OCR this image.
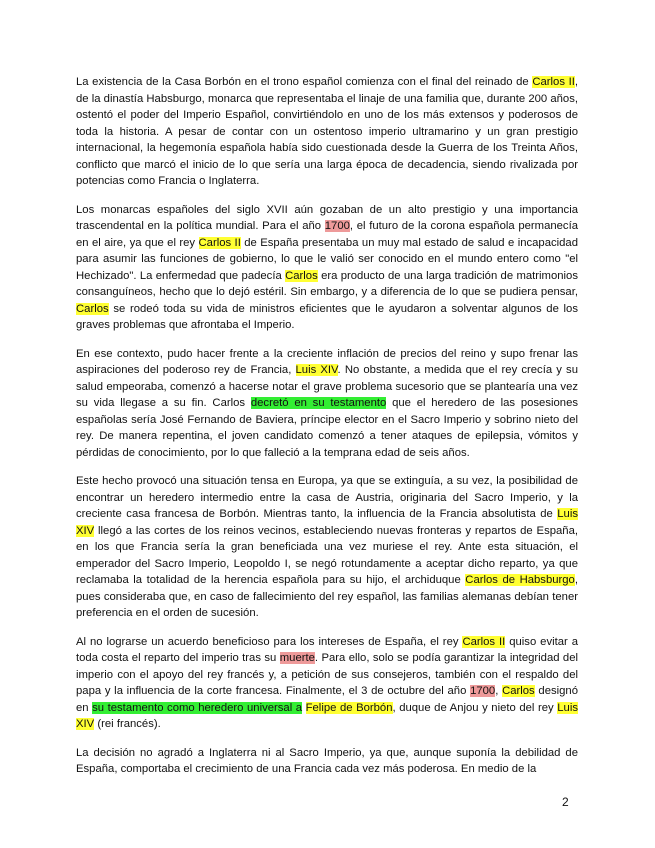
La existencia de la Casa Borbón en el trono español comienza con el final del reinado de Carlos II, de la dinastía Habsburgo, monarca que representaba el linaje de una familia que, durante 200 años, ostentó el poder del Imperio Español, convirtiéndolo en uno de los más extensos y poderosos de toda la historia. A pesar de contar con un ostentoso imperio ultramarino y un gran prestigio internacional, la hegemonía española había sido cuestionada desde la Guerra de los Treinta Años, conflicto que marcó el inicio de lo que sería una larga época de decadencia, siendo rivalizada por potencias como Francia o Inglaterra.

Los monarcas españoles del siglo XVII aún gozaban de un alto prestigio y una importancia trascendental en la política mundial. Para el año 1700, el futuro de la corona española permanecía en el aire, ya que el rey Carlos II de España presentaba un muy mal estado de salud e incapacidad para asumir las funciones de gobierno, lo que le valió ser conocido en el mundo entero como "el Hechizado". La enfermedad que padecía Carlos era producto de una larga tradición de matrimonios consanguíneos, hecho que lo dejó estéril. Sin embargo, y a diferencia de lo que se pudiera pensar, Carlos se rodeó toda su vida de ministros eficientes que le ayudaron a solventar algunos de los graves problemas que afrontaba el Imperio.

En ese contexto, pudo hacer frente a la creciente inflación de precios del reino y supo frenar las aspiraciones del poderoso rey de Francia, Luis XIV. No obstante, a medida que el rey crecía y su salud empeoraba, comenzó a hacerse notar el grave problema sucesorio que se plantearía una vez su vida llegase a su fin. Carlos decretó en su testamento que el heredero de las posesiones españolas sería José Fernando de Baviera, príncipe elector en el Sacro Imperio y sobrino nieto del rey. De manera repentina, el joven candidato comenzó a tener ataques de epilepsia, vómitos y pérdidas de conocimiento, por lo que falleció a la temprana edad de seis años.

Este hecho provocó una situación tensa en Europa, ya que se extinguía, a su vez, la posibilidad de encontrar un heredero intermedio entre la casa de Austria, originaria del Sacro Imperio, y la creciente casa francesa de Borbón. Mientras tanto, la influencia de la Francia absolutista de Luis XIV llegó a las cortes de los reinos vecinos, estableciendo nuevas fronteras y repartos de España, en los que Francia sería la gran beneficiada una vez muriese el rey. Ante esta situación, el emperador del Sacro Imperio, Leopoldo I, se negó rotundamente a aceptar dicho reparto, ya que reclamaba la totalidad de la herencia española para su hijo, el archiduque Carlos de Habsburgo, pues consideraba que, en caso de fallecimiento del rey español, las familias alemanas debían tener preferencia en el orden de sucesión.

Al no lograrse un acuerdo beneficioso para los intereses de España, el rey Carlos II quiso evitar a toda costa el reparto del imperio tras su muerte. Para ello, solo se podía garantizar la integridad del imperio con el apoyo del rey francés y, a petición de sus consejeros, también con el respaldo del papa y la influencia de la corte francesa. Finalmente, el 3 de octubre del año 1700, Carlos designó en su testamento como heredero universal a Felipe de Borbón, duque de Anjou y nieto del rey Luis XIV (rei francés).

La decisión no agradó a Inglaterra ni al Sacro Imperio, ya que, aunque suponía la debilidad de España, comportaba el crecimiento de una Francia cada vez más poderosa. En medio de la

2
